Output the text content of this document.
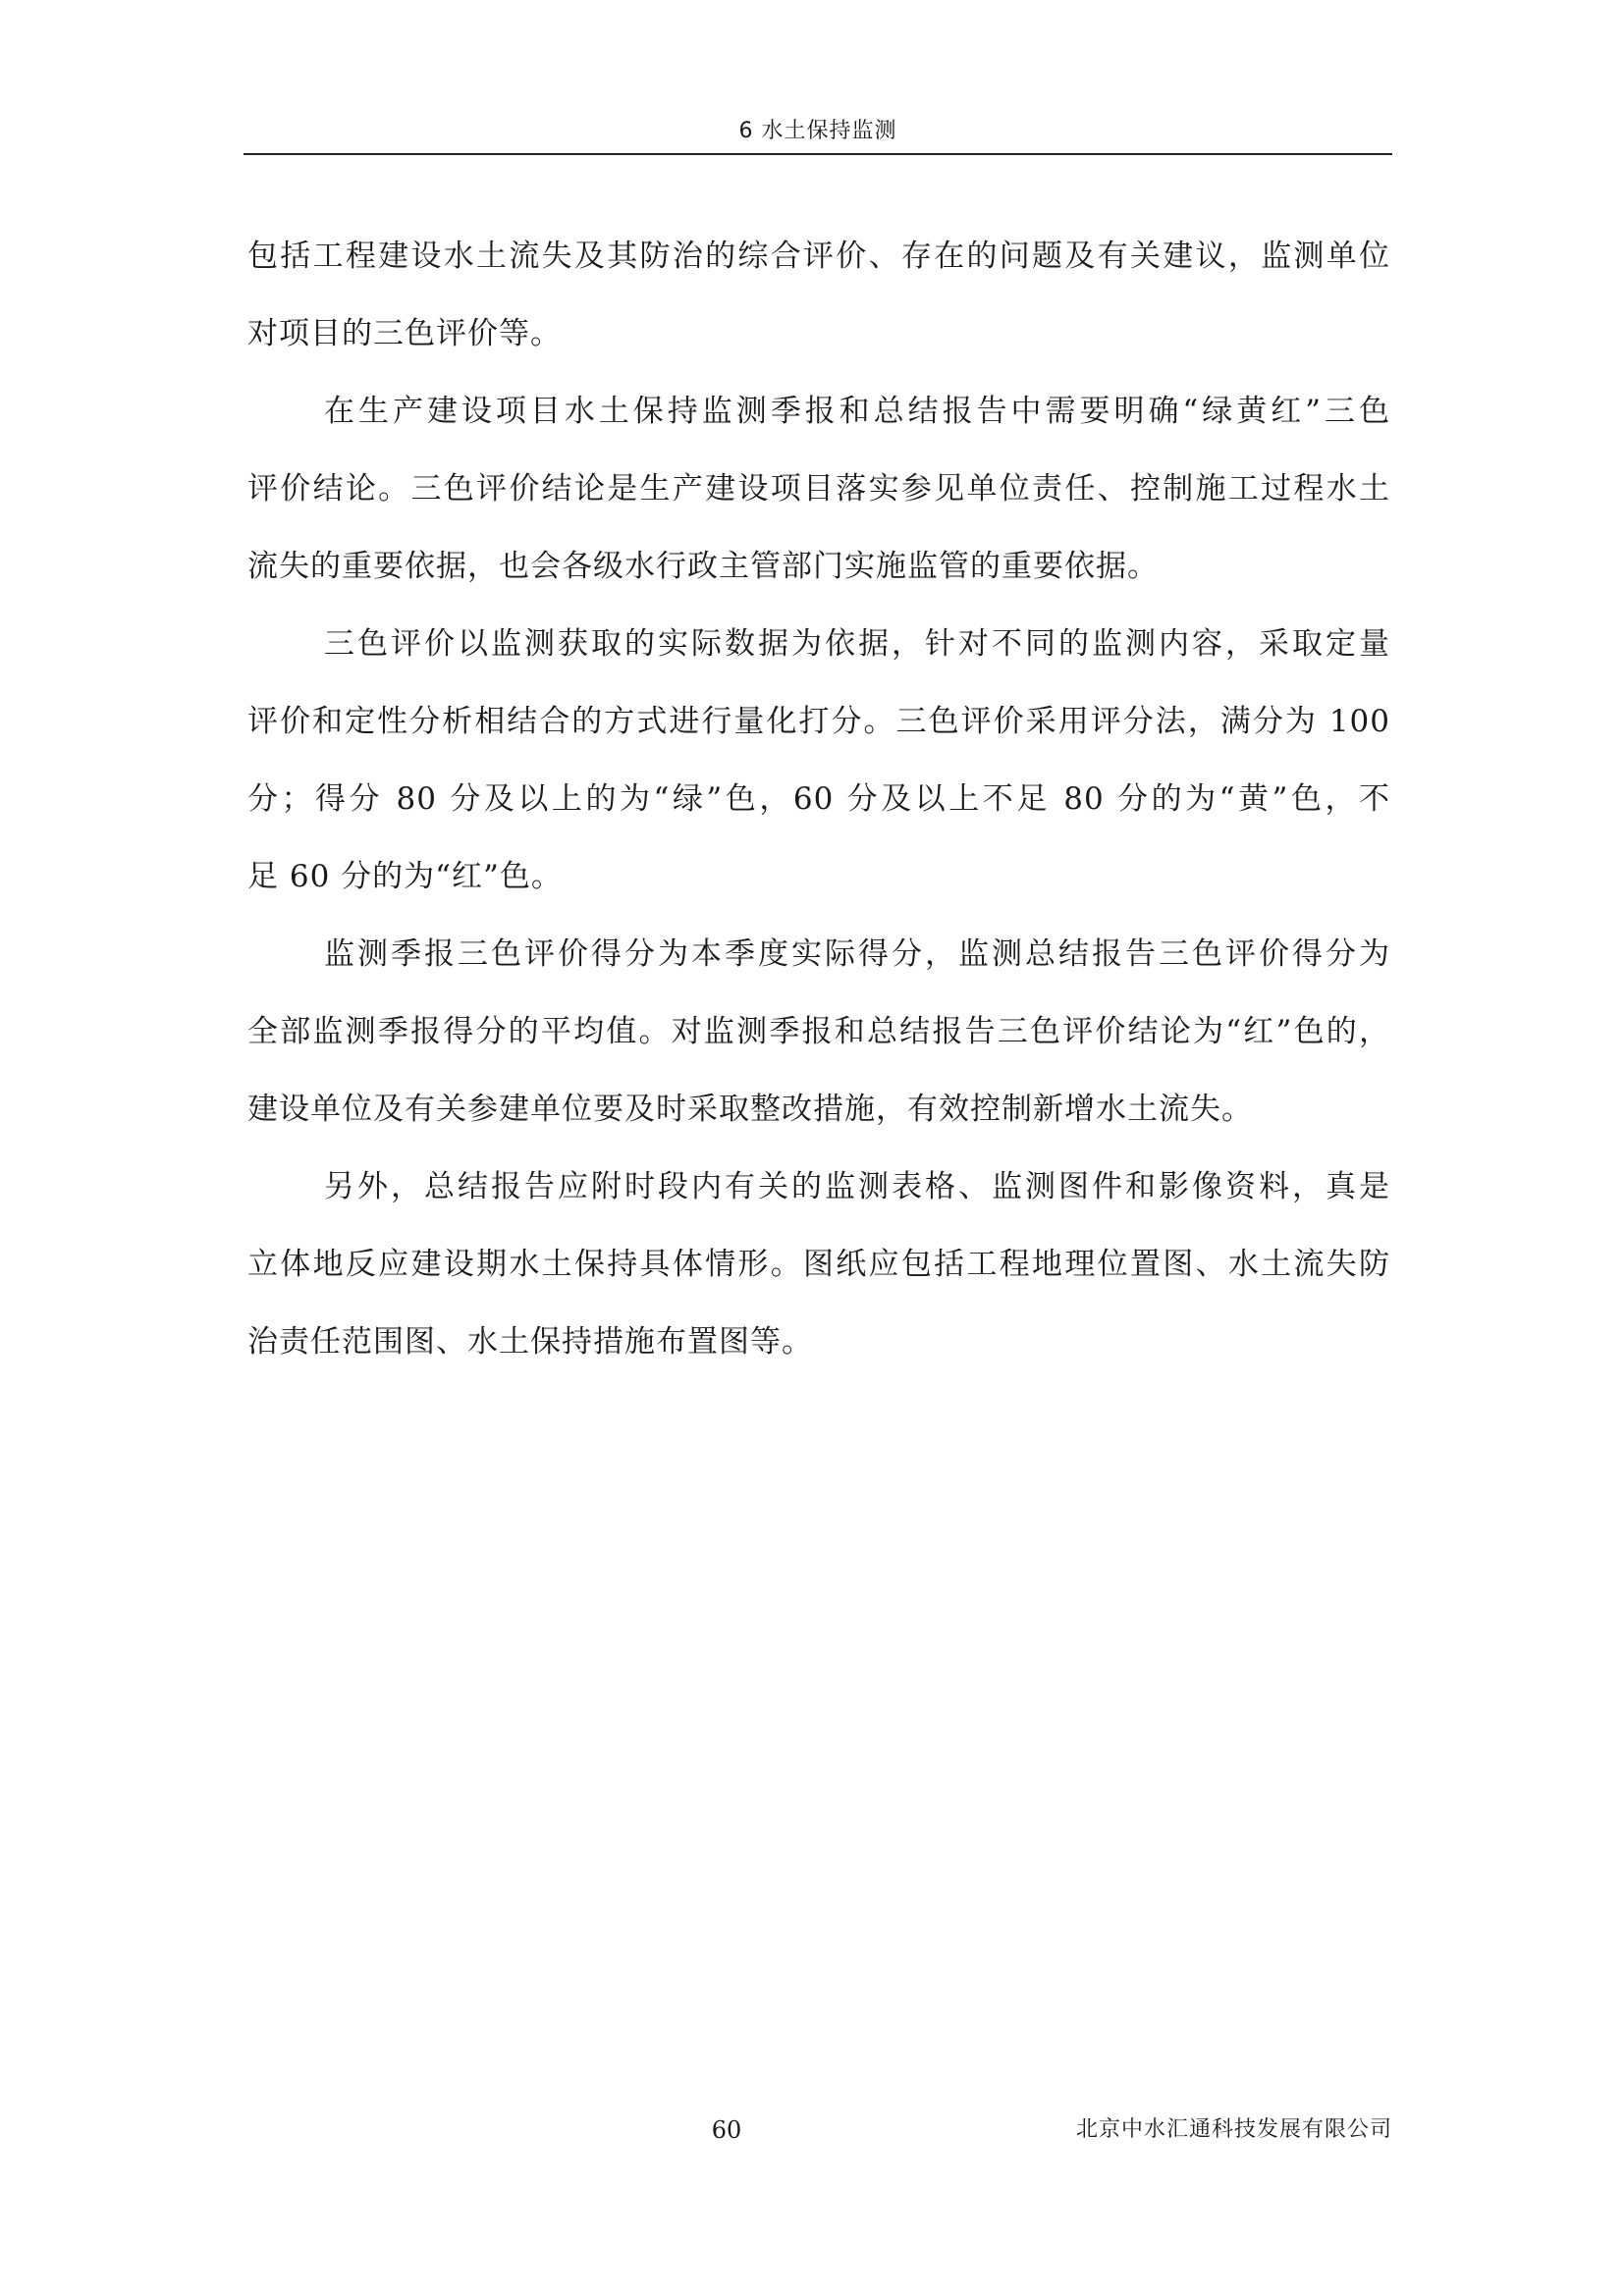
6 水土保持监测
包括工程建设水土流失及其防治的综合评价、存在的问题及有关建议，监测单位
对项目的三色评价等。
在生产建设项目水土保持监测季报和总结报告中需要明确“绿黄红”三色
评价结论。三色评价结论是生产建设项目落实参见单位责任、控制施工过程水土
流失的重要依据，也会各级水行政主管部门实施监管的重要依据。
三色评价以监测获取的实际数据为依据，针对不同的监测内容，采取定量
评价和定性分析相结合的方式进行量化打分。三色评价采用评分法，满分为 100
分；得分 80 分及以上的为“绿”色，60 分及以上不足 80 分的为“黄”色，不
足 60 分的为“红”色。
监测季报三色评价得分为本季度实际得分，监测总结报告三色评价得分为
全部监测季报得分的平均值。对监测季报和总结报告三色评价结论为“红”色的，
建设单位及有关参建单位要及时采取整改措施，有效控制新增水土流失。
另外，总结报告应附时段内有关的监测表格、监测图件和影像资料，真是
立体地反应建设期水土保持具体情形。图纸应包括工程地理位置图、水土流失防
治责任范围图、水土保持措施布置图等。
60	北京中水汇通科技发展有限公司
